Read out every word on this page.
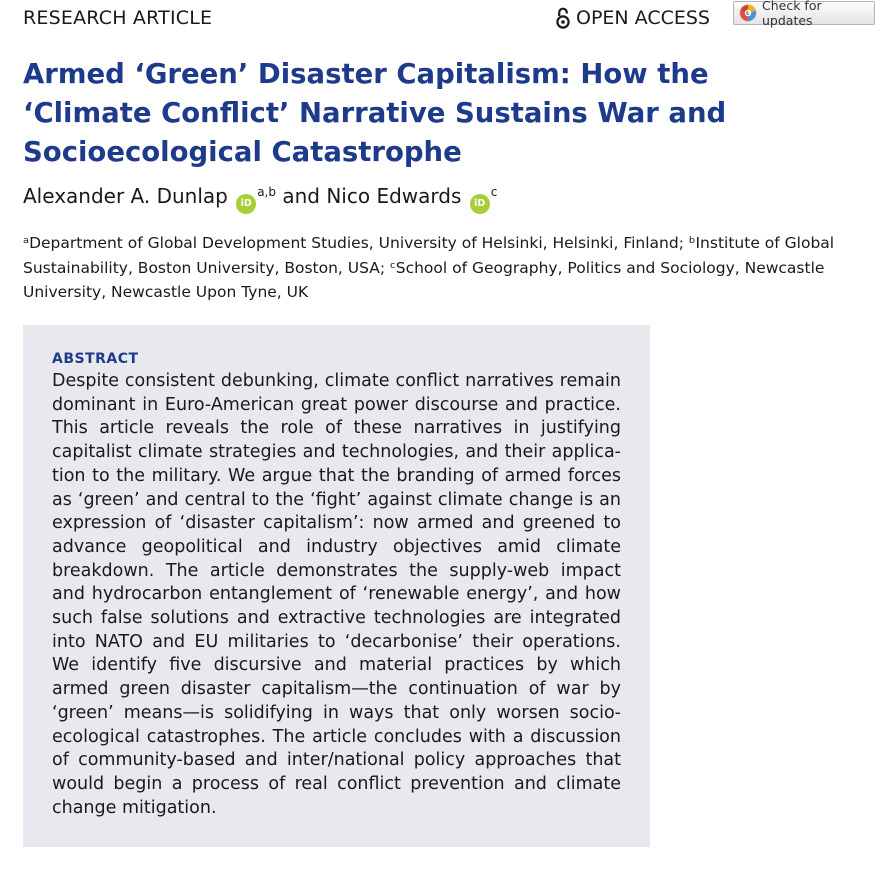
RESEARCH ARTICLE	OPEN ACCESS
Check for updates
Armed ‘Green’ Disaster Capitalism: How the ‘Climate Conflict’ Narrative Sustains War and Socioecological Catastrophe
Alexander A. Dunlap iD$^{a,b}$ and Nico Edwards $iD^c$

ᵃDepartment of Global Development Studies, University of Helsinki, Helsinki, Finland; ᵇInstitute of Global Sustainability, Boston University, Boston, USA; ᶜSchool of Geography, Politics and Sociology, Newcastle University, Newcastle Upon Tyne, UK

ABSTRACT

Despite consistent debunking, climate conflict narratives remain dominant in Euro-American great power discourse and practice. This article reveals the role of these narratives in justifying capitalist climate strategies and technologies, and their application to the military. We argue that the branding of armed forces as ‘green’ and central to the ‘fight’ against climate change is an expression of ‘disaster capitalism’: now armed and greened to advance geopolitical and industry objectives amid climate breakdown. The article demonstrates the supply-web impact and hydrocarbon entanglement of ‘renewable energy’, and how such false solutions and extractive technologies are integrated into NATO and EU militaries to ‘decarbonise’ their operations. We identify five discursive and material practices by which armed green disaster capitalism—the continuation of war by ‘green’ means—is solidifying in ways that only worsen socioecological catastrophes. The article concludes with a discussion of community-based and inter/national policy approaches that would begin a process of real conflict prevention and climate change mitigation.
